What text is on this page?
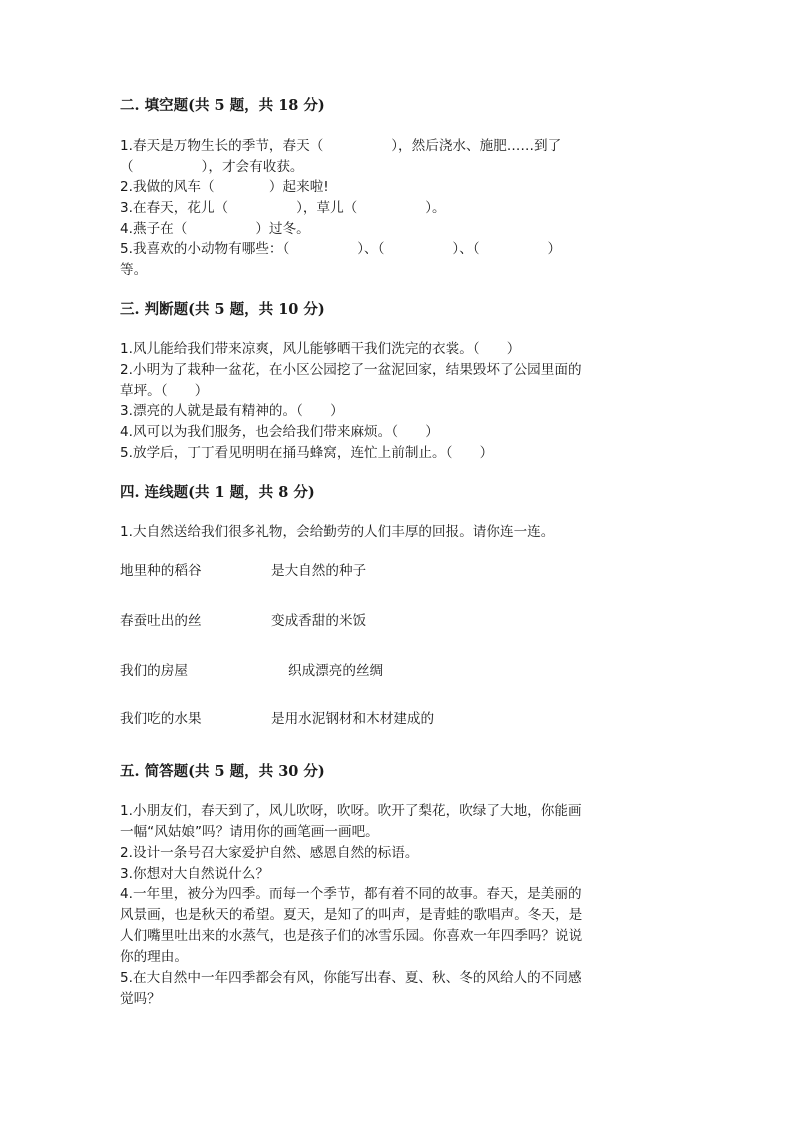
二. 填空题(共 5 题，共 18 分)
1.春天是万物生长的季节，春天（　　　　　），然后浇水、施肥……到了
（　　　　　），才会有收获。
2.我做的风车（　　　　）起来啦!
3.在春天，花儿（　　　　　），草儿（　　　　　）。
4.燕子在（　　　　　）过冬。
5.我喜欢的小动物有哪些：（　　　　　）、（　　　　　）、（　　　　　）
等。
三. 判断题(共 5 题，共 10 分)
1.风儿能给我们带来凉爽，风儿能够晒干我们洗完的衣裳。（　　）
2.小明为了栽种一盆花，在小区公园挖了一盆泥回家，结果毁坏了公园里面的
草坪。（　　）
3.漂亮的人就是最有精神的。（　　）
4.风可以为我们服务，也会给我们带来麻烦。（　　）
5.放学后，丁丁看见明明在捅马蜂窝，连忙上前制止。（　　）
四. 连线题(共 1 题，共 8 分)
1.大自然送给我们很多礼物，会给勤劳的人们丰厚的回报。请你连一连。
地里种的稻谷	是大自然的种子
春蚕吐出的丝	变成香甜的米饭
我们的房屋	织成漂亮的丝绸
我们吃的水果	是用水泥钢材和木材建成的
五. 简答题(共 5 题，共 30 分)
1.小朋友们，春天到了，风儿吹呀，吹呀。吹开了梨花，吹绿了大地，你能画
一幅“风姑娘”吗？请用你的画笔画一画吧。
2.设计一条号召大家爱护自然、感恩自然的标语。
3.你想对大自然说什么？
4.一年里，被分为四季。而每一个季节，都有着不同的故事。春天，是美丽的
风景画，也是秋天的希望。夏天，是知了的叫声，是青蛙的歌唱声。冬天，是
人们嘴里吐出来的水蒸气，也是孩子们的冰雪乐园。你喜欢一年四季吗？说说
你的理由。
5.在大自然中一年四季都会有风，你能写出春、夏、秋、冬的风给人的不同感
觉吗？
